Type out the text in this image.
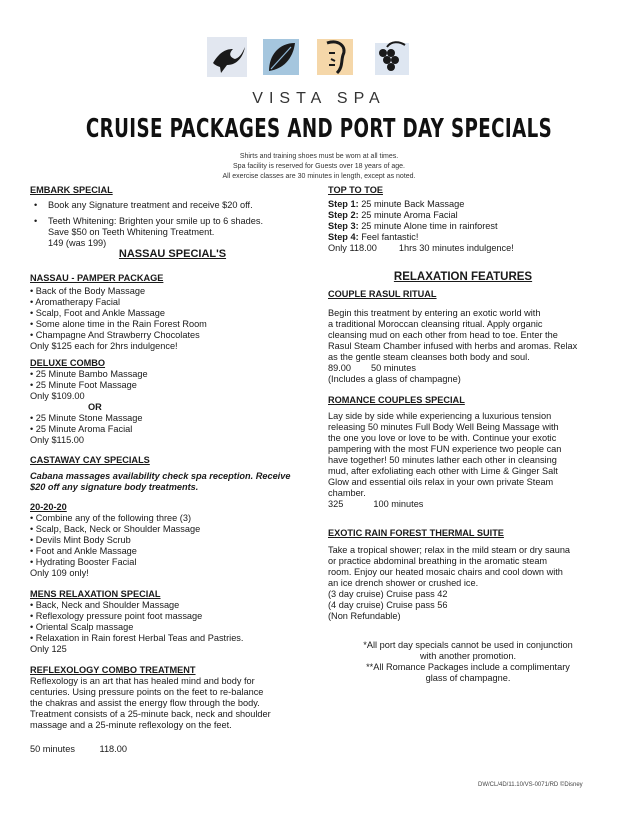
VISTA SPA
CRUISE PACKAGES AND PORT DAY SPECIALS
Shirts and training shoes must be worn at all times.
Spa facility is reserved for Guests over 18 years of age.
All exercise classes are 30 minutes in length, except as noted.
EMBARK SPECIAL
•	Book any Signature treatment and receive $20 off.
•	Teeth Whitening: Brighten your smile up to 6 shades.
Save $50 on Teeth Whitening Treatment.
149 (was 199)
NASSAU SPECIAL'S
NASSAU - PAMPER PACKAGE
• Back of the Body Massage
• Aromatherapy Facial
• Scalp, Foot and Ankle Massage
• Some alone time in the Rain Forest Room
• Champagne And Strawberry Chocolates
Only $125 each for 2hrs indulgence!
DELUXE COMBO
• 25 Minute Bambo Massage
• 25 Minute Foot Massage
Only $109.00
OR
• 25 Minute Stone Massage
• 25 Minute Aroma Facial
Only $115.00
CASTAWAY CAY SPECIALS
Cabana massages availability check spa reception. Receive
$20 off any signature body treatments.
20-20-20
• Combine any of the following three (3)
• Scalp, Back, Neck or Shoulder Massage
• Devils Mint Body Scrub
• Foot and Ankle Massage
• Hydrating Booster Facial
Only 109 only!
MENS RELAXATION SPECIAL
• Back, Neck and Shoulder Massage
• Reflexology pressure point foot massage
• Oriental Scalp massage
• Relaxation in Rain forest Herbal Teas and Pastries.
Only 125
REFLEXOLOGY COMBO TREATMENT
Reflexology is an art that has healed mind and body for
centuries. Using pressure points on the feet to re-balance
the chakras and assist the energy flow through the body.
Treatment consists of a 25-minute back, neck and shoulder
massage and a 25-minute reflexology on the feet.
50 minutes	118.00
TOP TO TOE
Step 1: 25 minute Back Massage
Step 2: 25 minute Aroma Facial
Step 3: 25 minute Alone time in rainforest
Step 4: Feel fantastic!
Only 118.00 1hrs 30 minutes indulgence!
RELAXATION FEATURES
COUPLE RASUL RITUAL
Begin this treatment by entering an exotic world with
a traditional Moroccan cleansing ritual. Apply organic
cleansing mud on each other from head to toe. Enter the
Rasul Steam Chamber infused with herbs and aromas. Relax
as the gentle steam cleanses both body and soul.
89.00 50 minutes
(Includes a glass of champagne)
ROMANCE COUPLES SPECIAL
Lay side by side while experiencing a luxurious tension
releasing 50 minutes Full Body Well Being Massage with
the one you love or love to be with. Continue your exotic
pampering with the most FUN experience two people can
have together! 50 minutes lather each other in cleansing
mud, after exfoliating each other with Lime & Ginger Salt
Glow and essential oils relax in your own private Steam
chamber.
325	100 minutes
EXOTIC RAIN FOREST THERMAL SUITE
Take a tropical shower; relax in the mild steam or dry sauna
or practice abdominal breathing in the aromatic steam
room. Enjoy our heated mosaic chairs and cool down with
an ice drench shower or crushed ice.
(3 day cruise) Cruise pass 42
(4 day cruise) Cruise pass 56
(Non Refundable)
*All port day specials cannot be used in conjunction
with another promotion.
**All Romance Packages include a complimentary
glass of champagne.
DW/CL/4D/11.10/VS-0071/RD ©Disney
